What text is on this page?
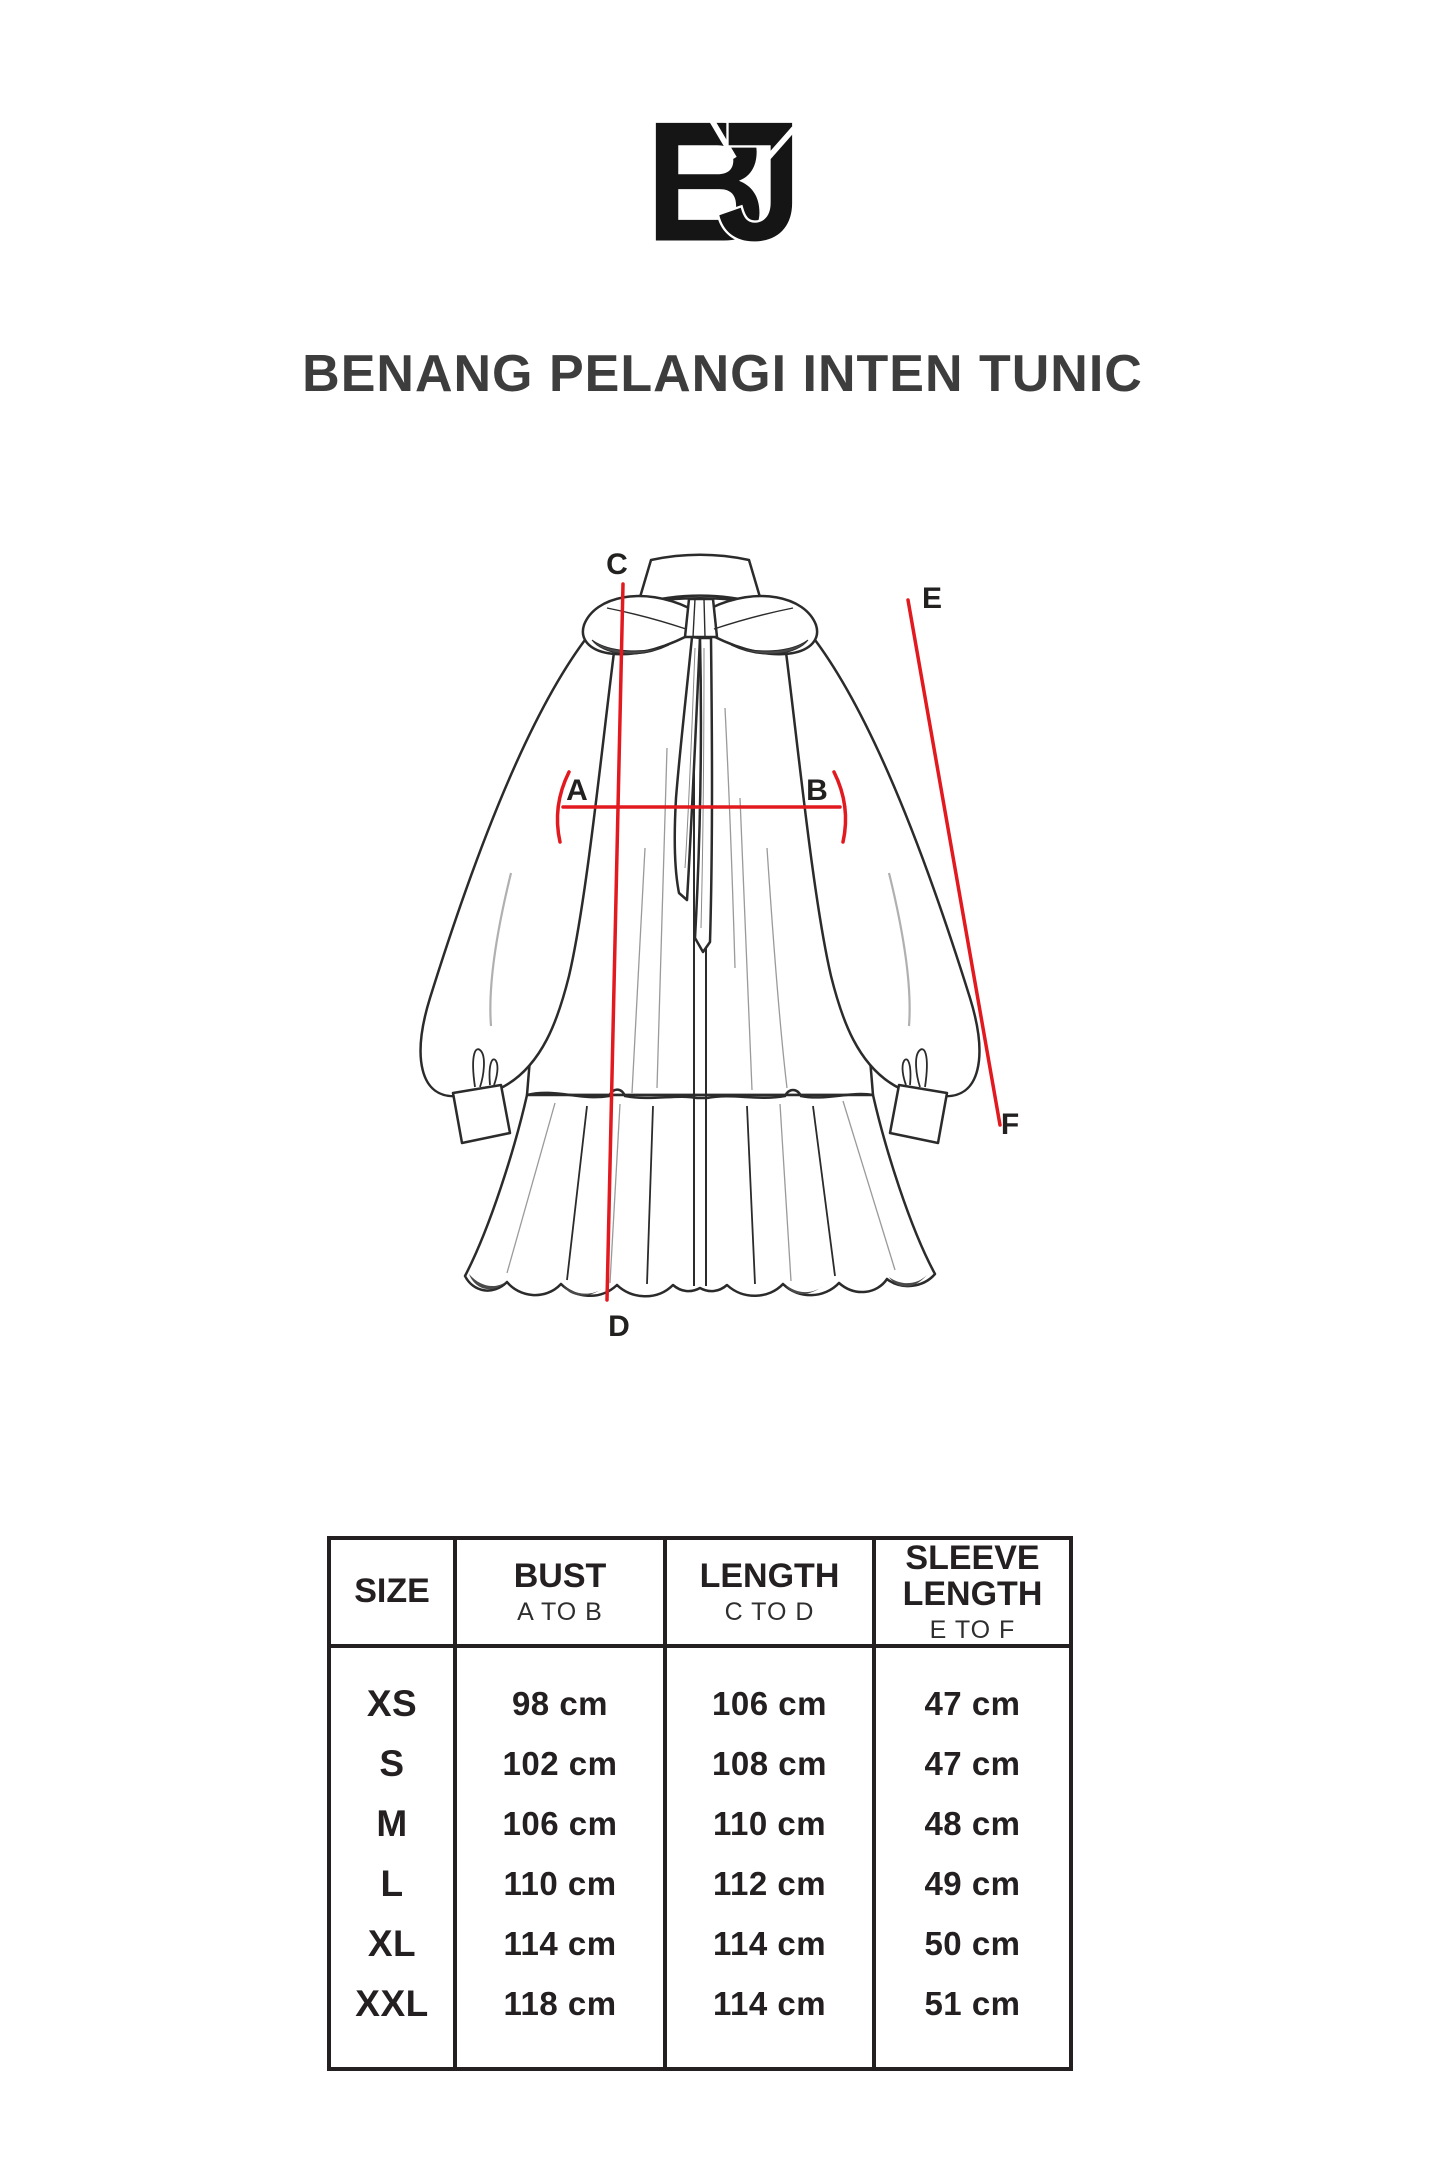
BENANG PELANGI INTEN TUNIC
A	B
C
D
E
F
SIZE BUST
A TO B
LENGTH
C TO D
SLEEVE LENGTH
E TO F
XS
S
M
L
XL
XXL
98 cm
102 cm
106 cm
110 cm
114 cm
118 cm
106 cm
108 cm
110 cm
112 cm
114 cm
114 cm
47 cm
47 cm
48 cm
49 cm
50 cm
51 cm
